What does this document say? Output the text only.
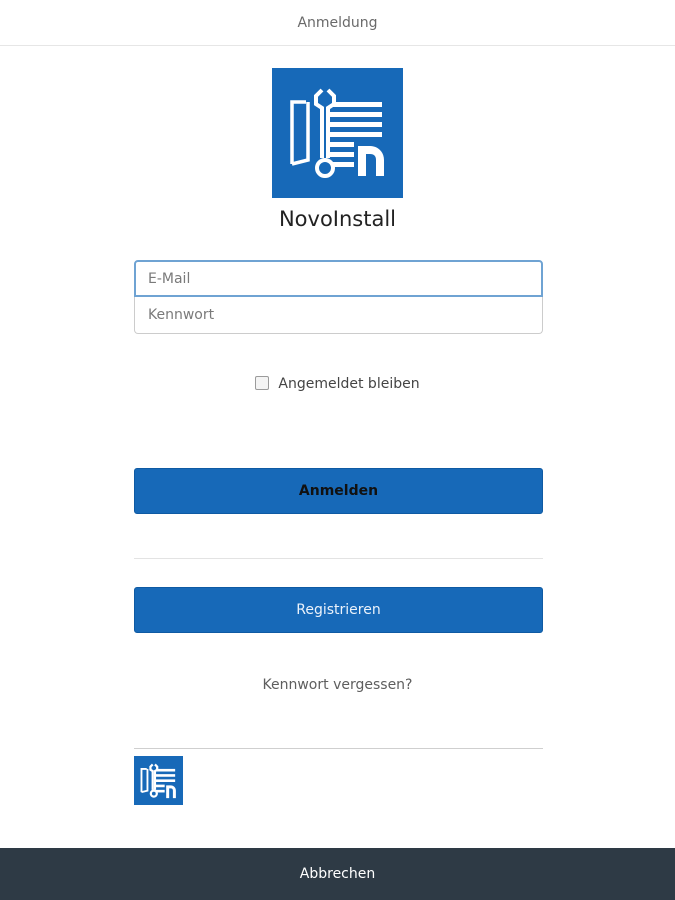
Anmeldung
NovoInstall
E-Mail
Angemeldet bleiben
Anmelden
Registrieren
Kennwort vergessen?
Abbrechen
